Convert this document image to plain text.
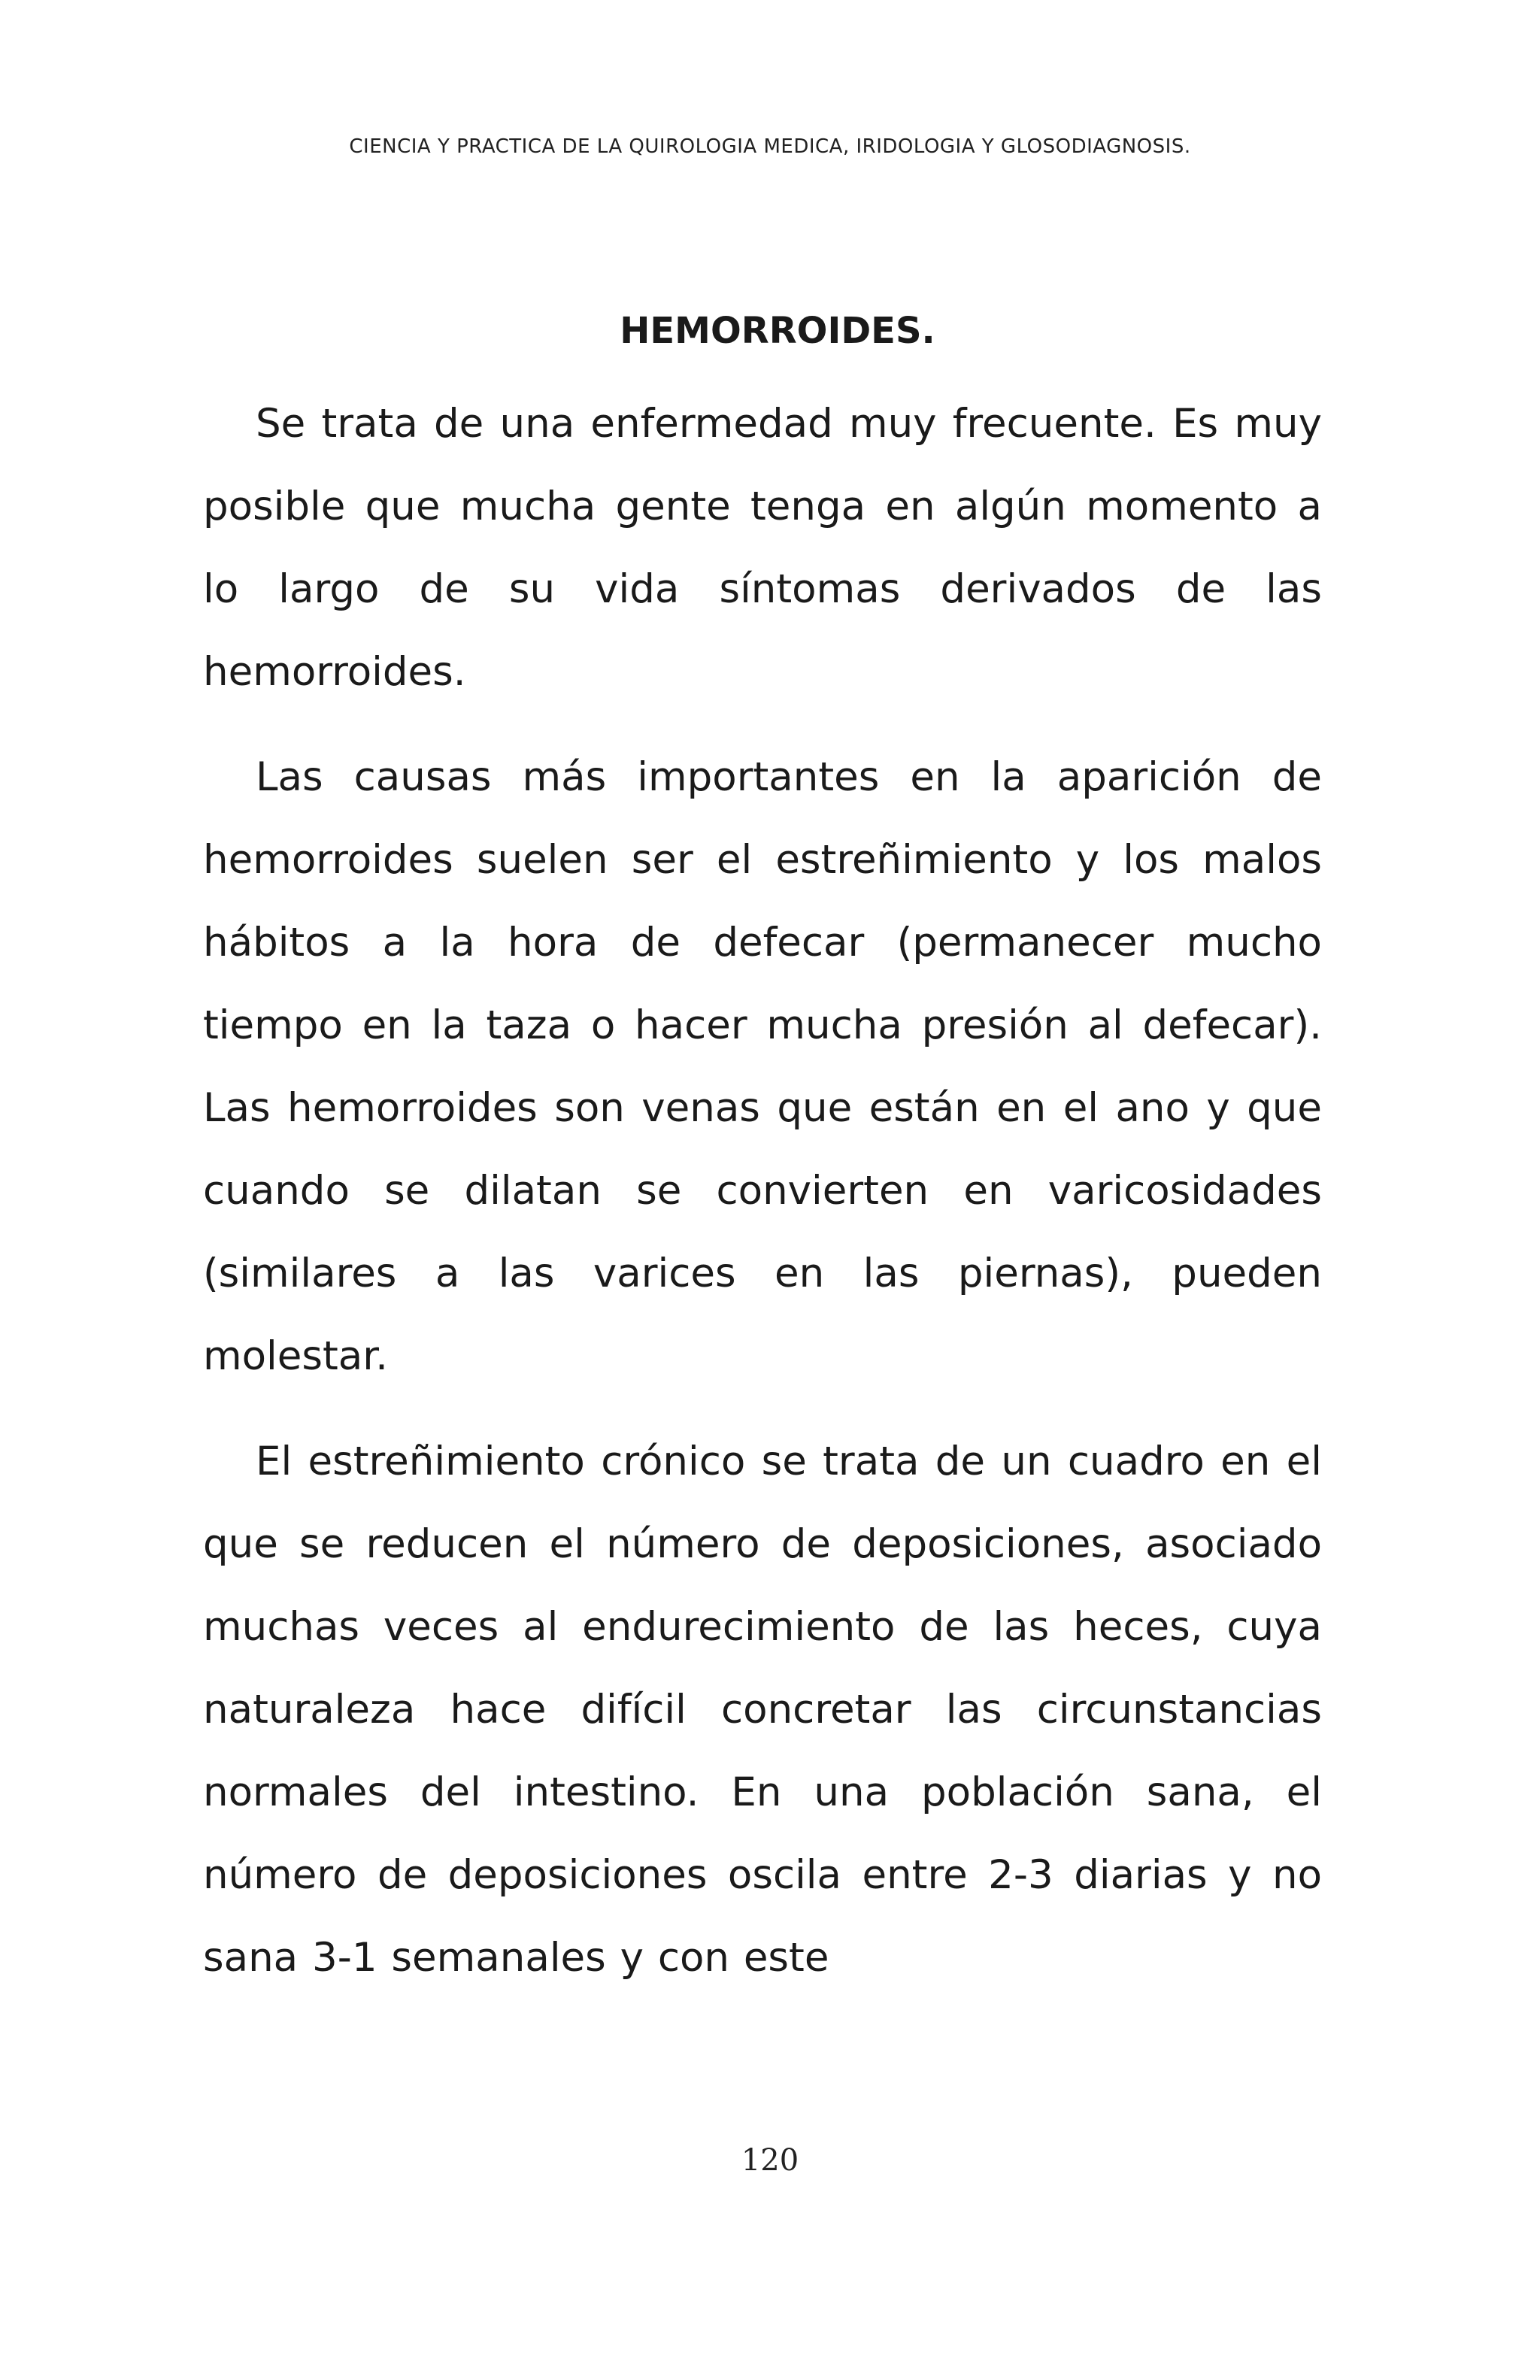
CIENCIA Y PRACTICA DE LA QUIROLOGIA MEDICA, IRIDOLOGIA Y GLOSODIAGNOSIS.
HEMORROIDES.

Se trata de una enfermedad muy frecuente. Es muy posible que mucha gente tenga en algún momento a lo largo de su vida síntomas derivados de las hemorroides.

Las causas más importantes en la aparición de hemorroides suelen ser el estreñimiento y los malos hábitos a la hora de defecar (permanecer mucho tiempo en la taza o hacer mucha presión al defecar). Las hemorroides son venas que están en el ano y que cuando se dilatan se convierten en varicosidades (similares a las varices en las piernas), pueden molestar.

El estreñimiento crónico se trata de un cuadro en el que se reducen el número de deposiciones, asociado muchas veces al endurecimiento de las heces, cuya naturaleza hace difícil concretar las circunstancias normales del intestino. En una población sana, el número de deposiciones oscila entre 2-3 diarias y no sana 3-1 semanales y con este

120
